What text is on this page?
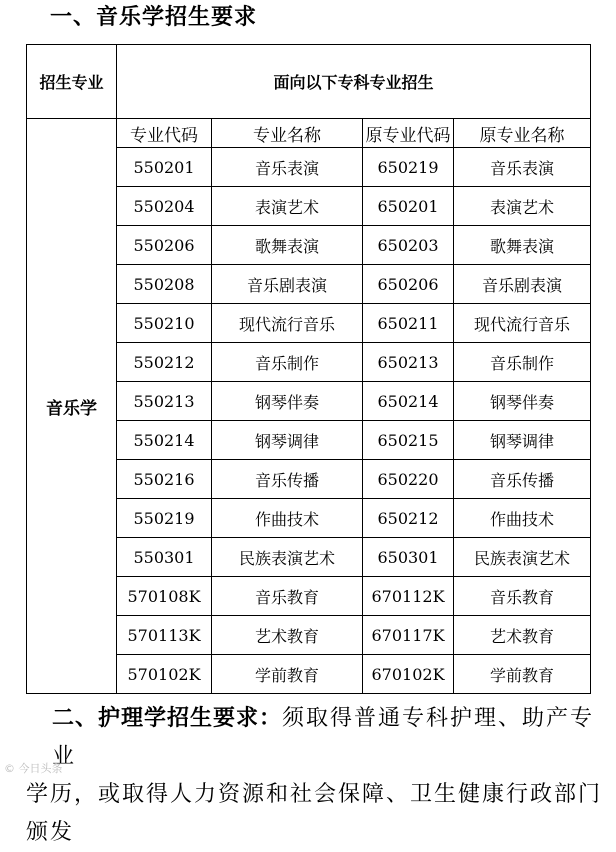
一、音乐学招生要求
招生专业	面向以下专科专业招生			
音乐学	专业代码	专业名称	原专业代码	原专业名称
	550201	音乐表演	650219	音乐表演
	550204	表演艺术	650201	表演艺术
	550206	歌舞表演	650203	歌舞表演
	550208	音乐剧表演	650206	音乐剧表演
	550210	现代流行音乐	650211	现代流行音乐
	550212	音乐制作	650213	音乐制作
	550213	钢琴伴奏	650214	钢琴伴奏
	550214	钢琴调律	650215	钢琴调律
	550216	音乐传播	650220	音乐传播
	550219	作曲技术	650212	作曲技术
	550301	民族表演艺术	650301	民族表演艺术
	570108K	音乐教育	670112K	音乐教育
	570113K	艺术教育	670117K	艺术教育
	570102K	学前教育	670102K	学前教育
二、护理学招生要求：须取得普通专科护理、助产专业
学历，或取得人力资源和社会保障、卫生健康行政部门颁发
© 今日头条
